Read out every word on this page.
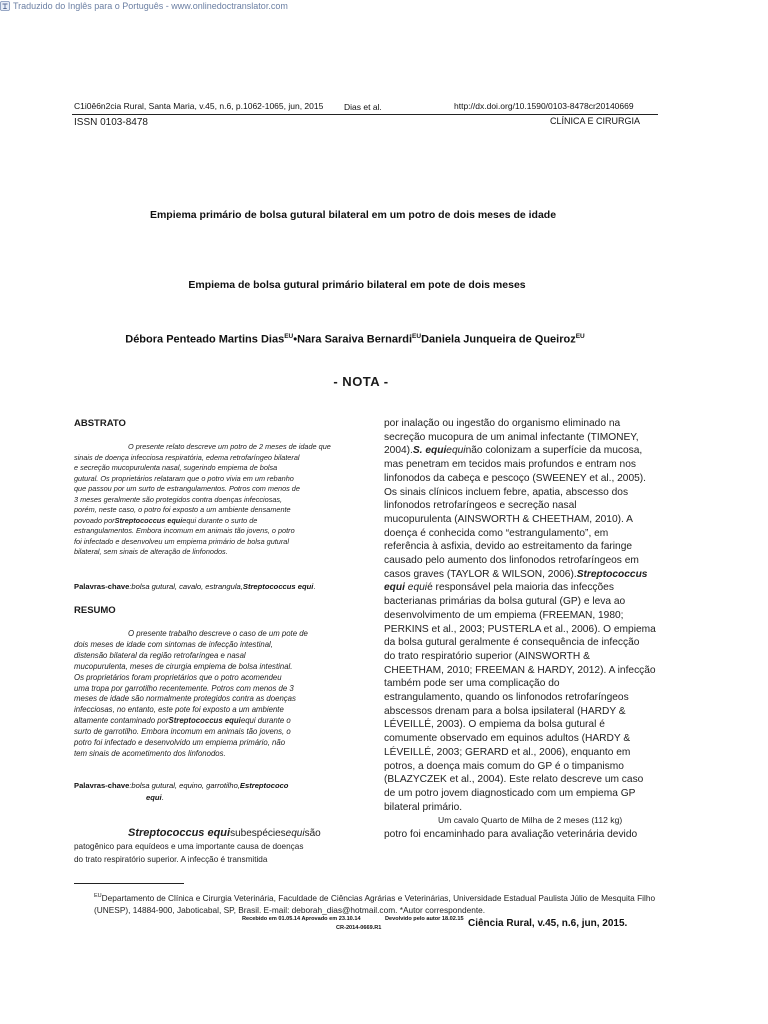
Traduzido do Inglês para o Português - www.onlinedoctranslator.com
C1i0ê6n2cia Rural, Santa Maria, v.45, n.6, p.1062-1065, jun, 2015 Dias et al.	http://dx.doi.org/10.1590/0103-8478cr20140669
ISSN 0103-8478	CLÍNICA E CIRURGIA
Empiema primário de bolsa gutural bilateral em um potro de dois meses de idade
Empiema de bolsa gutural primário bilateral em pote de dois meses
Débora Penteado Martins Dias$^{EU}$•Nara Saraiva Bernardi$^{EU}$Daniela Junqueira de Queiroz$^{EU}$
- NOTA -
ABSTRATO
O presente relato descreve um potro de 2 meses de idade que
sinais de doença infecciosa respiratória, edema retrofaríngeo bilateral
e secreção mucopurulenta nasal, sugerindo empiema de bolsa
gutural. Os proprietários relataram que o potro vivia em um rebanho
que passou por um surto de estrangulamentos. Potros com menos de
3 meses geralmente são protegidos contra doenças infecciosas,
porém, neste caso, o potro foi exposto a um ambiente densamente
povoado porStreptococcus equiequi durante o surto de
estrangulamentos. Embora incomum em animais tão jovens, o potro
foi infectado e desenvolveu um empiema primário de bolsa gutural
bilateral, sem sinais de alteração de linfonodos.
Palavras-chave:bolsa gutural, cavalo, estrangula,Streptococcus equi.
RESUMO
O presente trabalho descreve o caso de um pote de
dois meses de idade com sintomas de infecção intestinal,
distensão bilateral da região retrofaríngea e nasal
mucopurulenta, meses de cirurgia empiema de bolsa intestinal.
Os proprietários foram proprietários que o potro acomendeu
uma tropa por garrotilho recentemente. Potros com menos de 3
meses de idade são normalmente protegidos contra as doenças
infecciosas, no entanto, este pote foi exposto a um ambiente
altamente contaminado porStreptococcus equiequi durante o
surto de garrotilho. Embora incomum em animais tão jovens, o
potro foi infectado e desenvolvido um empiema primário, não
tem sinais de acometimento dos linfonodos.
Palavras-chave:bolsa gutural, equino, garrotilho,Estreptococo
equi.
Streptococcus equisubespéciesequisão
patogênico para equídeos e uma importante causa de doenças
do trato respiratório superior. A infecção é transmitida
por inalação ou ingestão do organismo eliminado na
secreção mucopura de um animal infectante (TIMONEY,
2004).S. equiequinão colonizam a superfície da mucosa,
mas penetram em tecidos mais profundos e entram nos
linfonodos da cabeça e pescoço (SWEENEY et al., 2005).
Os sinais clínicos incluem febre, apatia, abscesso dos
linfonodos retrofaríngeos e secreção nasal
mucopurulenta (AINSWORTH & CHEETHAM, 2010). A
doença é conhecida como “estrangulamento”, em
referência à asfixia, devido ao estreitamento da faringe
causado pelo aumento dos linfonodos retrofaríngeos em
casos graves (TAYLOR & WILSON, 2006).Streptococcus
equi equié responsável pela maioria das infecções
bacterianas primárias da bolsa gutural (GP) e leva ao
desenvolvimento de um empiema (FREEMAN, 1980;
PERKINS et al., 2003; PUSTERLA et al., 2006). O empiema
da bolsa gutural geralmente é consequência de infecção
do trato respiratório superior (AINSWORTH &
CHEETHAM, 2010; FREEMAN & HARDY, 2012). A infecção
também pode ser uma complicação do
estrangulamento, quando os linfonodos retrofaríngeos
abscessos drenam para a bolsa ipsilateral (HARDY &
LÉVEILLÉ, 2003). O empiema da bolsa gutural é
comumente observado em equinos adultos (HARDY &
LÉVEILLÉ, 2003; GERARD et al., 2006), enquanto em
potros, a doença mais comum do GP é o timpanismo
(BLAZYCZEK et al., 2004). Este relato descreve um caso
de um potro jovem diagnosticado com um empiema GP
bilateral primário.
Um cavalo Quarto de Milha de 2 meses (112 kg)
potro foi encaminhado para avaliação veterinária devido
$^{EU}$Departamento de Clínica e Cirurgia Veterinária, Faculdade de Ciências Agrárias e Veterinárias, Universidade Estadual Paulista Júlio de Mesquita Filho (UNESP), 14884-900, Jaboticabal, SP, Brasil. E-mail: deborah_dias@hotmail.com. *Autor correspondente.
Recebido em 01.05.14 Aprovado em 23.10.14	Devolvido pelo autor 18.02.15
CR-2014-0669.R1	Ciência Rural, v.45, n.6, jun, 2015.
